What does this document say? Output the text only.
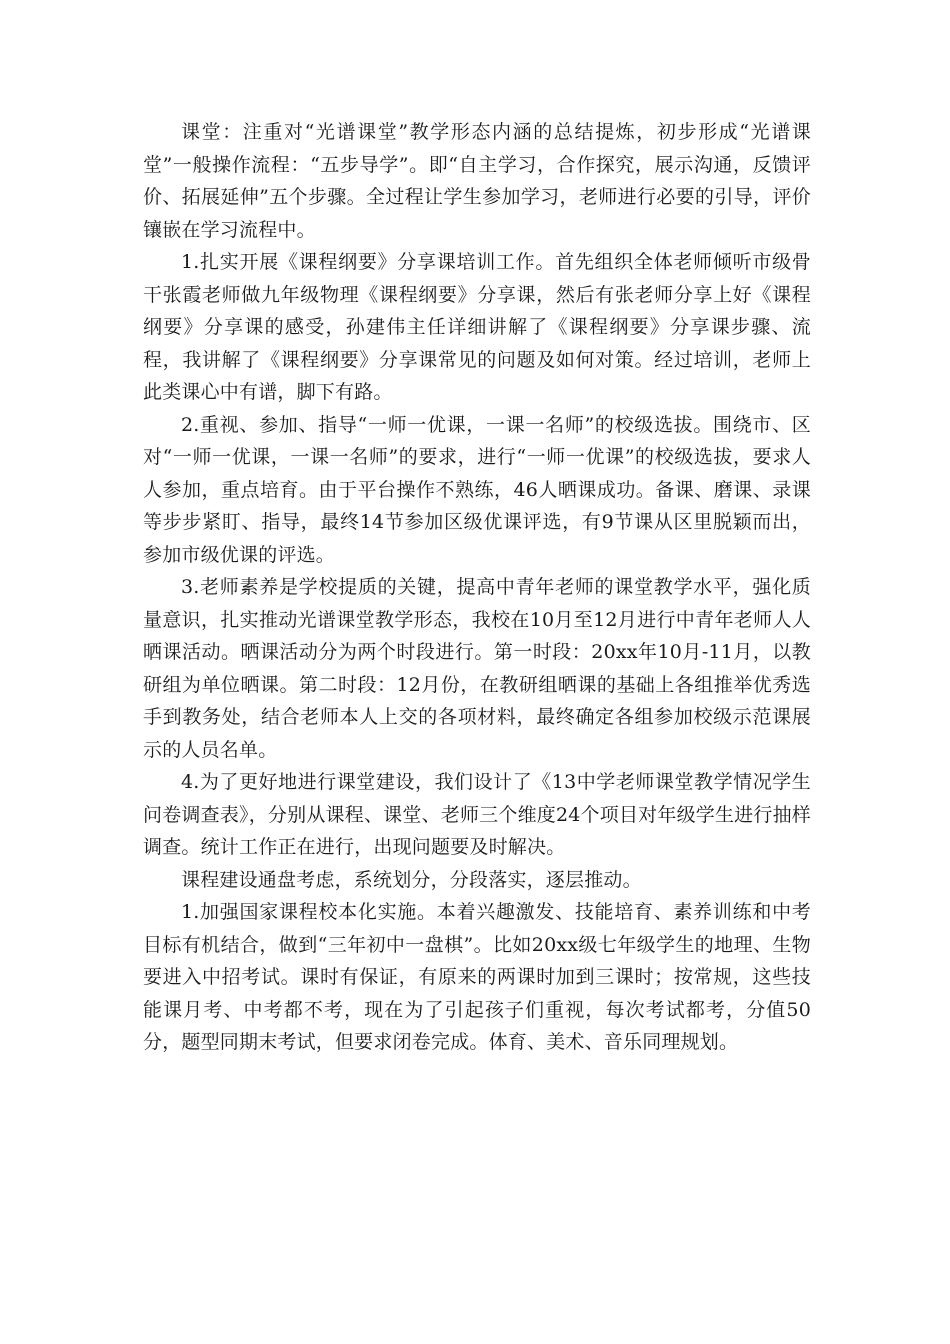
课堂：注重对“光谱课堂”教学形态内涵的总结提炼，初步形成“光谱课堂”一般操作流程：“五步导学”。即“自主学习，合作探究，展示沟通，反馈评价、拓展延伸”五个步骤。全过程让学生参加学习，老师进行必要的引导，评价镶嵌在学习流程中。

1.扎实开展《课程纲要》分享课培训工作。首先组织全体老师倾听市级骨干张霞老师做九年级物理《课程纲要》分享课，然后有张老师分享上好《课程纲要》分享课的感受，孙建伟主任详细讲解了《课程纲要》分享课步骤、流程，我讲解了《课程纲要》分享课常见的问题及如何对策。经过培训，老师上此类课心中有谱，脚下有路。

2.重视、参加、指导“一师一优课，一课一名师”的校级选拔。围绕市、区对“一师一优课，一课一名师”的要求，进行“一师一优课”的校级选拔，要求人人参加，重点培育。由于平台操作不熟练，46人晒课成功。备课、磨课、录课等步步紧盯、指导，最终14节参加区级优课评选，有9节课从区里脱颖而出，参加市级优课的评选。

3.老师素养是学校提质的关键，提高中青年老师的课堂教学水平，强化质量意识，扎实推动光谱课堂教学形态，我校在10月至12月进行中青年老师人人晒课活动。晒课活动分为两个时段进行。第一时段：20xx年10月-11月，以教研组为单位晒课。第二时段：12月份，在教研组晒课的基础上各组推举优秀选手到教务处，结合老师本人上交的各项材料，最终确定各组参加校级示范课展示的人员名单。

4.为了更好地进行课堂建设，我们设计了《13中学老师课堂教学情况学生问卷调查表》，分别从课程、课堂、老师三个维度24个项目对年级学生进行抽样调查。统计工作正在进行，出现问题要及时解决。

课程建设通盘考虑，系统划分，分段落实，逐层推动。

1.加强国家课程校本化实施。本着兴趣激发、技能培育、素养训练和中考目标有机结合，做到“三年初中一盘棋”。比如20xx级七年级学生的地理、生物要进入中招考试。课时有保证，有原来的两课时加到三课时；按常规，这些技能课月考、中考都不考，现在为了引起孩子们重视，每次考试都考，分值50分，题型同期末考试，但要求闭卷完成。体育、美术、音乐同理规划。
